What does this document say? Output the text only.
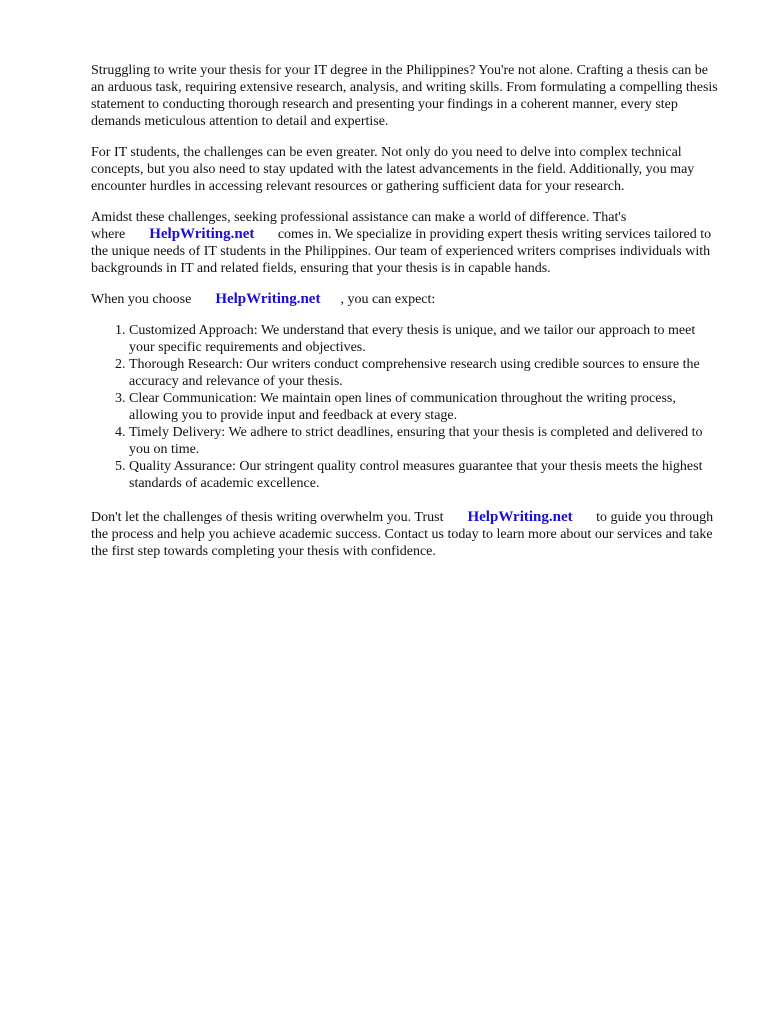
Struggling to write your thesis for your IT degree in the Philippines? You're not alone. Crafting a thesis can be an arduous task, requiring extensive research, analysis, and writing skills. From formulating a compelling thesis statement to conducting thorough research and presenting your findings in a coherent manner, every step demands meticulous attention to detail and expertise.

For IT students, the challenges can be even greater. Not only do you need to delve into complex technical concepts, but you also need to stay updated with the latest advancements in the field. Additionally, you may encounter hurdles in accessing relevant resources or gathering sufficient data for your research.

Amidst these challenges, seeking professional assistance can make a world of difference. That's where HelpWriting.net comes in. We specialize in providing expert thesis writing services tailored to the unique needs of IT students in the Philippines. Our team of experienced writers comprises individuals with backgrounds in IT and related fields, ensuring that your thesis is in capable hands.

When you choose HelpWriting.net , you can expect:

1. Customized Approach: We understand that every thesis is unique, and we tailor our approach to meet your specific requirements and objectives.
2. Thorough Research: Our writers conduct comprehensive research using credible sources to ensure the accuracy and relevance of your thesis.
3. Clear Communication: We maintain open lines of communication throughout the writing process, allowing you to provide input and feedback at every stage.
4. Timely Delivery: We adhere to strict deadlines, ensuring that your thesis is completed and delivered to you on time.
5. Quality Assurance: Our stringent quality control measures guarantee that your thesis meets the highest standards of academic excellence.

Don't let the challenges of thesis writing overwhelm you. Trust HelpWriting.net to guide you through the process and help you achieve academic success. Contact us today to learn more about our services and take the first step towards completing your thesis with confidence.
